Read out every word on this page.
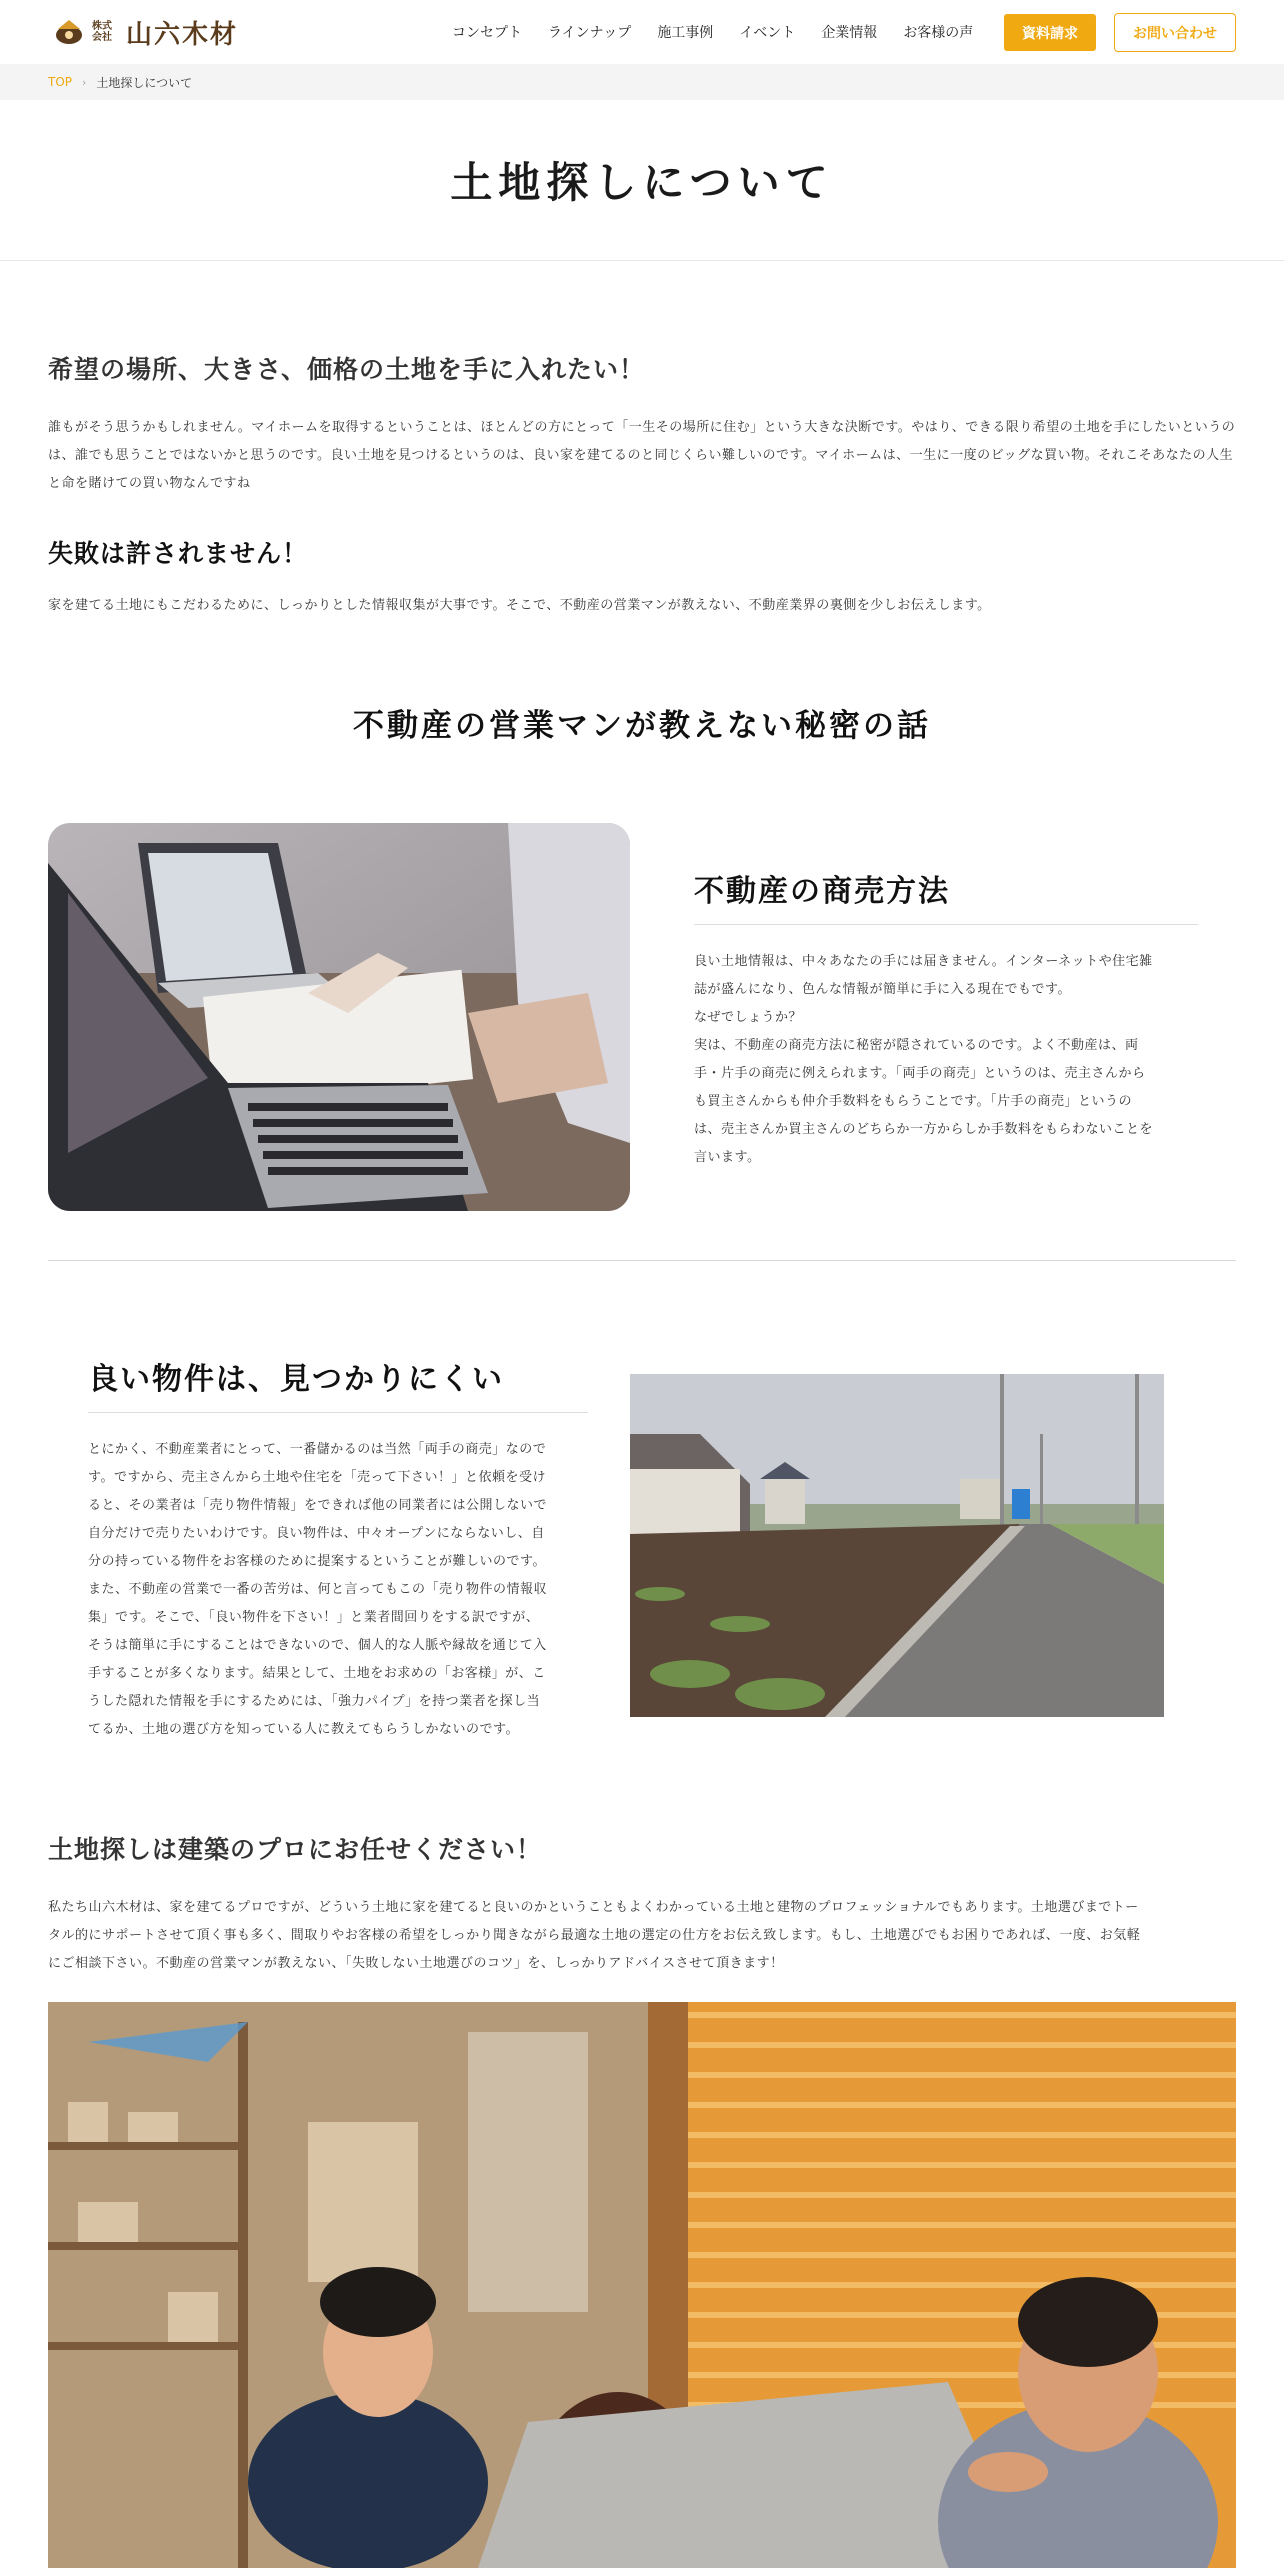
株式会社 山六木材	コンセプト ラインナップ 施工事例 イベント 企業情報 お客様の声	資料請求	お問い合わせ
TOP › 土地探しについて
土地探しについて
希望の場所、大きさ、価格の土地を手に入れたい！

誰もがそう思うかもしれません。マイホームを取得するということは、ほとんどの方にとって「一生その場所に住む」という大きな決断です。やはり、できる限り希望の土地を手にしたいというのは、誰でも思うことではないかと思うのです。良い土地を見つけるというのは、良い家を建てるのと同じくらい難しいのです。マイホームは、一生に一度のビッグな買い物。それこそあなたの人生と命を賭けての買い物なんですね

失敗は許されません！

家を建てる土地にもこだわるために、しっかりとした情報収集が大事です。そこで、不動産の営業マンが教えない、不動産業界の裏側を少しお伝えします。

不動産の営業マンが教えない秘密の話
不動産の商売方法

良い土地情報は、中々あなたの手には届きません。インターネットや住宅雑

誌が盛んになり、色んな情報が簡単に手に入る現在でもです。

なぜでしょうか？

実は、不動産の商売方法に秘密が隠されているのです。よく不動産は、両

手・片手の商売に例えられます。「両手の商売」というのは、売主さんから

も買主さんからも仲介手数料をもらうことです。「片手の商売」というの

は、売主さんか買主さんのどちらか一方からしか手数料をもらわないことを

言います。

良い物件は、見つかりにくい

とにかく、不動産業者にとって、一番儲かるのは当然「両手の商売」なので

す。ですから、売主さんから土地や住宅を「売って下さい！」と依頼を受け

ると、その業者は「売り物件情報」をできれば他の同業者には公開しないで

自分だけで売りたいわけです。良い物件は、中々オープンにならないし、自

分の持っている物件をお客様のために提案するということが難しいのです。

また、不動産の営業で一番の苦労は、何と言ってもこの「売り物件の情報収

集」です。そこで、「良い物件を下さい！」と業者間回りをする訳ですが、

そうは簡単に手にすることはできないので、個人的な人脈や縁故を通じて入

手することが多くなります。結果として、土地をお求めの「お客様」が、こ

うした隠れた情報を手にするためには、「強力パイプ」を持つ業者を探し当

てるか、土地の選び方を知っている人に教えてもらうしかないのです。

土地探しは建築のプロにお任せください！

私たち山六木材は、家を建てるプロですが、どういう土地に家を建てると良いのかということもよくわかっている土地と建物のプロフェッショナルでもあります。土地選びまでトー

タル的にサポートさせて頂く事も多く、間取りやお客様の希望をしっかり聞きながら最適な土地の選定の仕方をお伝え致します。もし、土地選びでもお困りであれば、一度、お気軽

にご相談下さい。不動産の営業マンが教えない、「失敗しない土地選びのコツ」を、しっかりアドバイスさせて頂きます！
